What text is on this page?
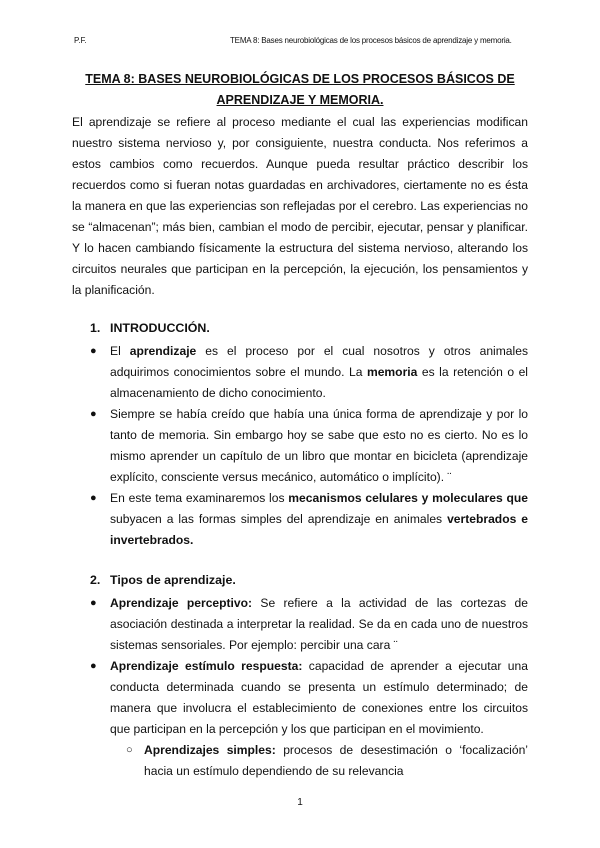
P.F.	TEMA 8: Bases neurobiológicas de los procesos básicos de aprendizaje y memoria.
TEMA 8: BASES NEUROBIOLÓGICAS DE LOS PROCESOS BÁSICOS DE
APRENDIZAJE Y MEMORIA.
El aprendizaje se refiere al proceso mediante el cual las experiencias modifican nuestro sistema nervioso y, por consiguiente, nuestra conducta. Nos referimos a estos cambios como recuerdos. Aunque pueda resultar práctico describir los recuerdos como si fueran notas guardadas en archivadores, ciertamente no es ésta la manera en que las experiencias son reflejadas por el cerebro. Las experiencias no se “almacenan”; más bien, cambian el modo de percibir, ejecutar, pensar y planificar. Y lo hacen cambiando físicamente la estructura del sistema nervioso, alterando los circuitos neurales que participan en la percepción, la ejecución, los pensamientos y la planificación.
1. INTRODUCCIÓN.
● El aprendizaje es el proceso por el cual nosotros y otros animales adquirimos conocimientos sobre el mundo. La memoria es la retención o el almacenamiento de dicho conocimiento.
● Siempre se había creído que había una única forma de aprendizaje y por lo tanto de memoria. Sin embargo hoy se sabe que esto no es cierto. No es lo mismo aprender un capítulo de un libro que montar en bicicleta (aprendizaje explícito, consciente versus mecánico, automático o implícito). ¨
● En este tema examinaremos los mecanismos celulares y moleculares que subyacen a las formas simples del aprendizaje en animales vertebrados e invertebrados.
2. Tipos de aprendizaje.
● Aprendizaje perceptivo: Se refiere a la actividad de las cortezas de asociación destinada a interpretar la realidad. Se da en cada uno de nuestros sistemas sensoriales. Por ejemplo: percibir una cara ¨
● Aprendizaje estímulo respuesta: capacidad de aprender a ejecutar una conducta determinada cuando se presenta un estímulo determinado; de manera que involucra el establecimiento de conexiones entre los circuitos que participan en la percepción y los que participan en el movimiento.
○ Aprendizajes simples: procesos de desestimación o ‘focalización’ hacia un estímulo dependiendo de su relevancia
1
